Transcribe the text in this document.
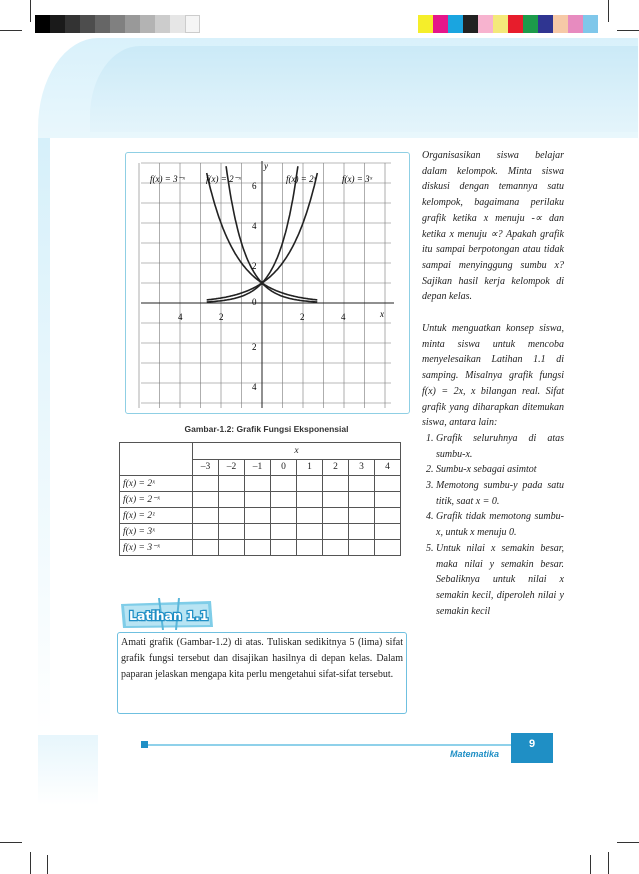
f(x) = 3⁻ˣ f(x) = 2⁻ˣ	f(x) = 2ˣ	f(x) = 3ˣ
y
x
4	2	2	4
6
4
2
0
2
4
Gambar-1.2: Grafik Fungsi Eksponensial
	x							
	–3	–2	–1	0	1	2	3	4
f(x) = 2ˣ								
f(x) = 2⁻ˣ								
f(x) = 2ᶻ								
f(x) = 3ˣ								
f(x) = 3⁻ˣ								
Latihan 1.1
Amati grafik (Gambar-1.2) di atas. Tuliskan sedikitnya 5 (lima) sifat grafik fungsi tersebut dan disajikan hasilnya di depan kelas. Dalam paparan jelaskan mengapa kita perlu mengetahui sifat-sifat tersebut.

Organisasikan siswa belajar dalam kelompok. Minta siswa diskusi dengan temannya satu kelompok, bagaimana perilaku grafik ketika x menuju -∝ dan ketika x menuju ∝? Apakah grafik itu sampai berpotongan atau tidak sampai menyinggung sumbu x? Sajikan hasil kerja kelompok di depan kelas.

Untuk menguatkan konsep siswa, minta siswa untuk mencoba menyelesaikan Latihan 1.1 di samping. Misalnya grafik fungsi f(x) = 2x, x bilangan real. Sifat grafik yang diharapkan ditemukan siswa, antara lain:

1. Grafik seluruhnya di atas sumbu-x.
2. Sumbu-x sebagai asimtot
3. Memotong sumbu-y pada satu titik, saat x = 0.
4. Grafik tidak memotong sumbu-x, untuk x menuju 0.
5. Untuk nilai x semakin besar, maka nilai y semakin besar. Sebaliknya untuk nilai x semakin kecil, diperoleh nilai y semakin kecil
Matematika
9
